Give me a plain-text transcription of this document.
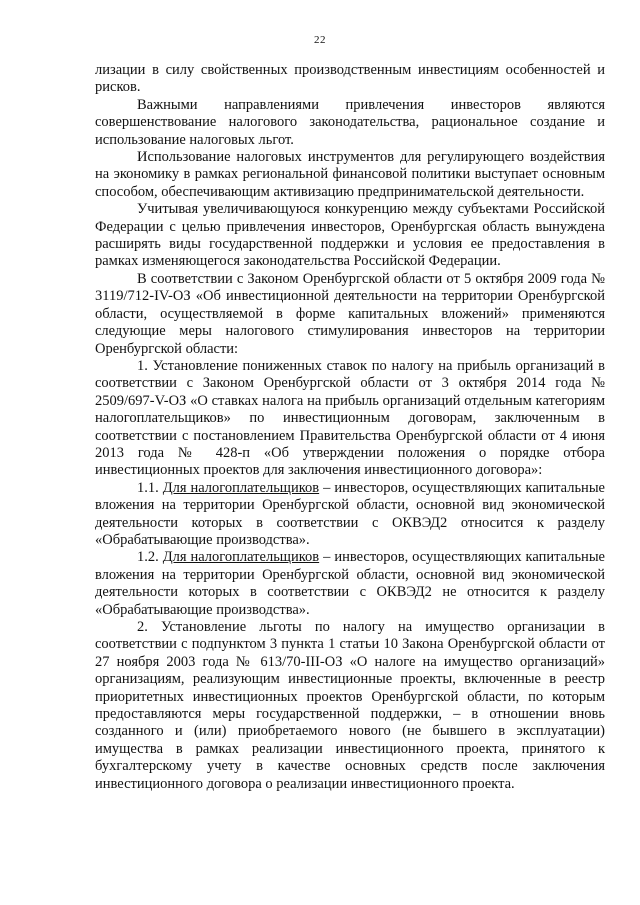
22

лизации в силу свойственных производственным инвестициям особенностей и рисков.

Важными направлениями привлечения инвесторов являются совершенствование налогового законодательства, рациональное создание и использование налоговых льгот.

Использование налоговых инструментов для регулирующего воздействия на экономику в рамках региональной финансовой политики выступает основным способом, обеспечивающим активизацию предпринимательской деятельности.

Учитывая увеличивающуюся конкуренцию между субъектами Российской Федерации с целью привлечения инвесторов, Оренбургская область вынуждена расширять виды государственной поддержки и условия ее предоставления в рамках изменяющегося законодательства Российской Федерации.

В соответствии с Законом Оренбургской области от 5 октября 2009 года № 3119/712-IV-ОЗ «Об инвестиционной деятельности на территории Оренбургской области, осуществляемой в форме капитальных вложений» применяются следующие меры налогового стимулирования инвесторов на территории Оренбургской области:

1. Установление пониженных ставок по налогу на прибыль организаций в соответствии с Законом Оренбургской области от 3 октября 2014 года № 2509/697-V-ОЗ «О ставках налога на прибыль организаций отдельным категориям налогоплательщиков» по инвестиционным договорам, заключенным в соответствии с постановлением Правительства Оренбургской области от 4 июня 2013 года № 428-п «Об утверждении положения о порядке отбора инвестиционных проектов для заключения инвестиционного договора»:

1.1. Для налогоплательщиков – инвесторов, осуществляющих капитальные вложения на территории Оренбургской области, основной вид экономической деятельности которых в соответствии с ОКВЭД2 относится к разделу «Обрабатывающие производства».

1.2. Для налогоплательщиков – инвесторов, осуществляющих капитальные вложения на территории Оренбургской области, основной вид экономической деятельности которых в соответствии с ОКВЭД2 не относится к разделу «Обрабатывающие производства».

2. Установление льготы по налогу на имущество организации в соответствии с подпунктом 3 пункта 1 статьи 10 Закона Оренбургской области от 27 ноября 2003 года № 613/70-III-ОЗ «О налоге на имущество организаций» организациям, реализующим инвестиционные проекты, включенные в реестр приоритетных инвестиционных проектов Оренбургской области, по которым предоставляются меры государственной поддержки, – в отношении вновь созданного и (или) приобретаемого нового (не бывшего в эксплуатации) имущества в рамках реализации инвестиционного проекта, принятого к бухгалтерскому учету в качестве основных средств после заключения инвестиционного договора о реализации инвестиционного проекта.
